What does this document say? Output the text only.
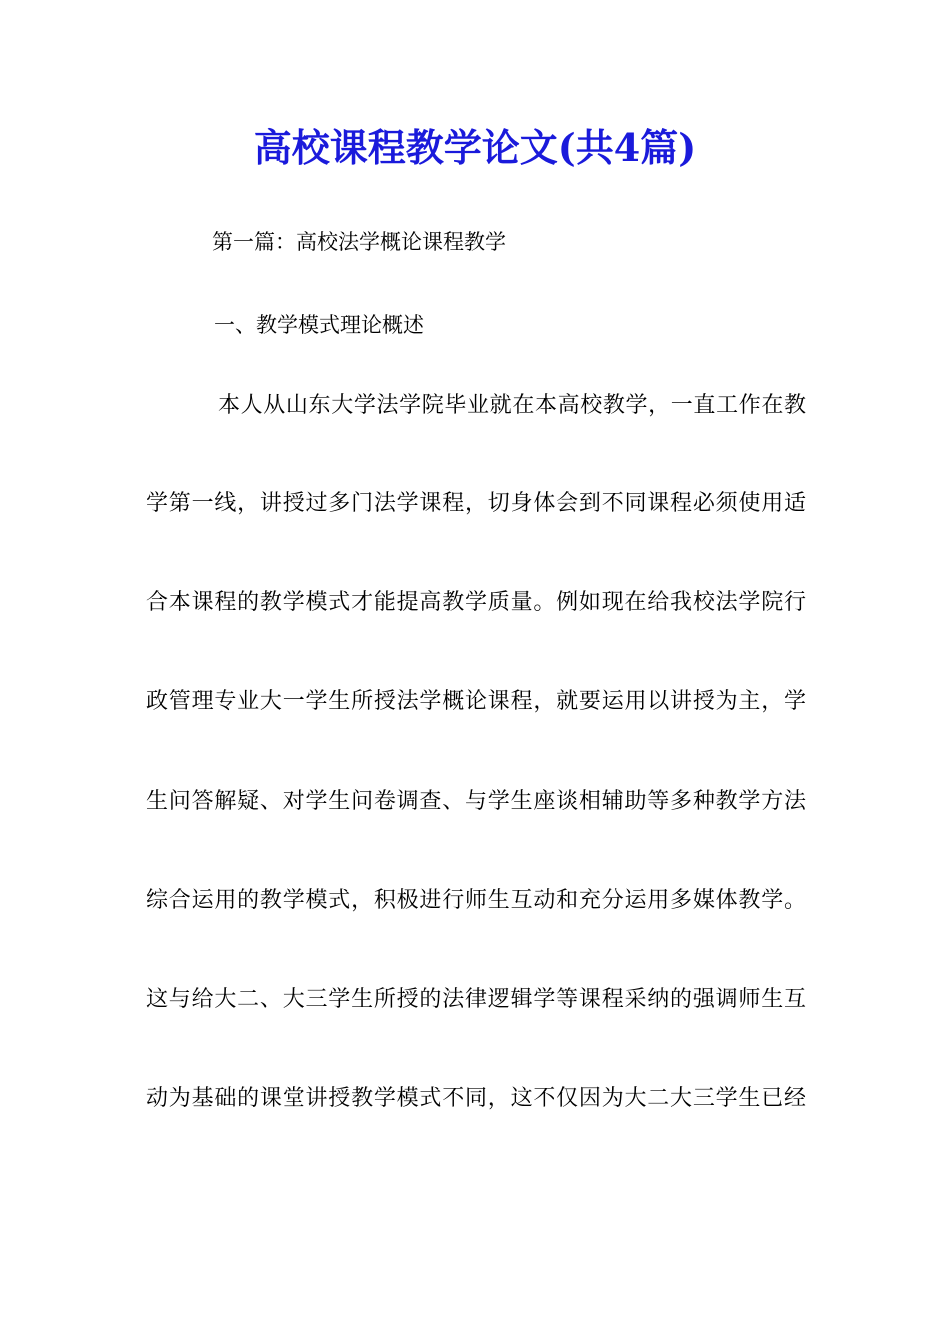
高校课程教学论文(共4篇)
第一篇：高校法学概论课程教学
一、教学模式理论概述
本人从山东大学法学院毕业就在本高校教学，一直工作在教
学第一线，讲授过多门法学课程，切身体会到不同课程必须使用适
合本课程的教学模式才能提高教学质量。例如现在给我校法学院行
政管理专业大一学生所授法学概论课程，就要运用以讲授为主，学
生问答解疑、对学生问卷调查、与学生座谈相辅助等多种教学方法
综合运用的教学模式，积极进行师生互动和充分运用多媒体教学。
这与给大二、大三学生所授的法律逻辑学等课程采纳的强调师生互
动为基础的课堂讲授教学模式不同，这不仅因为大二大三学生已经
